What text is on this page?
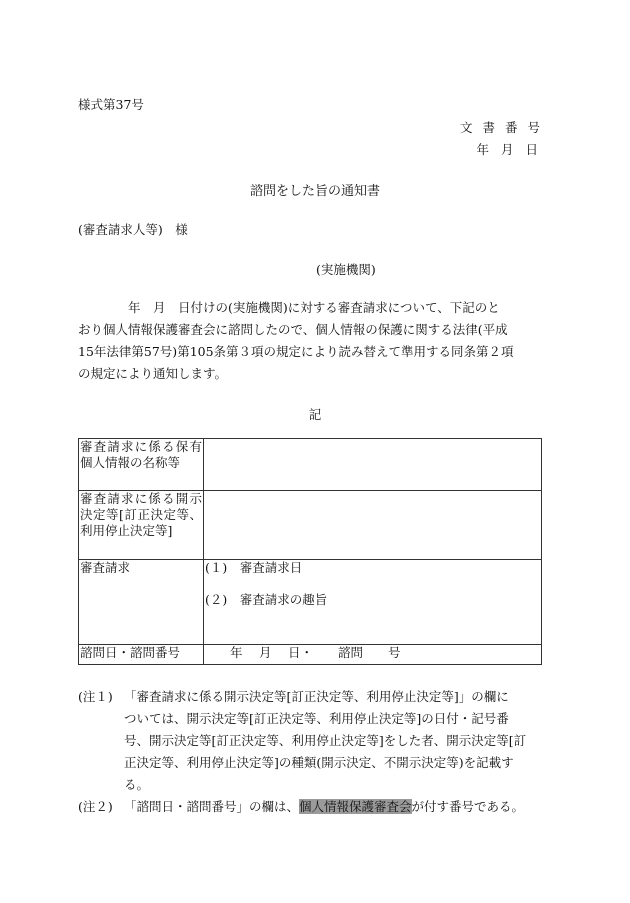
様式第37号
文書番号
年月日
諮問をした旨の通知書
(審査請求人等)　様
(実施機関)

　　　　年　月　日付けの(実施機関)に対する審査請求について、下記のと

おり個人情報保護審査会に諮問したので、個人情報の保護に関する法律(平成

15年法律第57号)第105条第３項の規定により読み替えて準用する同条第２項

の規定により通知します。

記
審査請求に係る保有個人情報の名称等	
審査請求に係る開示決定等[訂正決定等、利用停止決定等]	
審査請求	(１)　審査請求日
(２)　審査請求の趣旨

諮問日・諮問番号	　　年　 月　 日・　　諮問　　号
(注１) 「審査請求に係る開示決定等[訂正決定等、利用停止決定等]」の欄に
ついては、開示決定等[訂正決定等、利用停止決定等]の日付・記号番
号、開示決定等[訂正決定等、利用停止決定等]をした者、開示決定等[訂
正決定等、利用停止決定等]の種類(開示決定、不開示決定等)を記載す
る。
(注２) 「諮問日・諮問番号」の欄は、個人情報保護審査会が付す番号である。
